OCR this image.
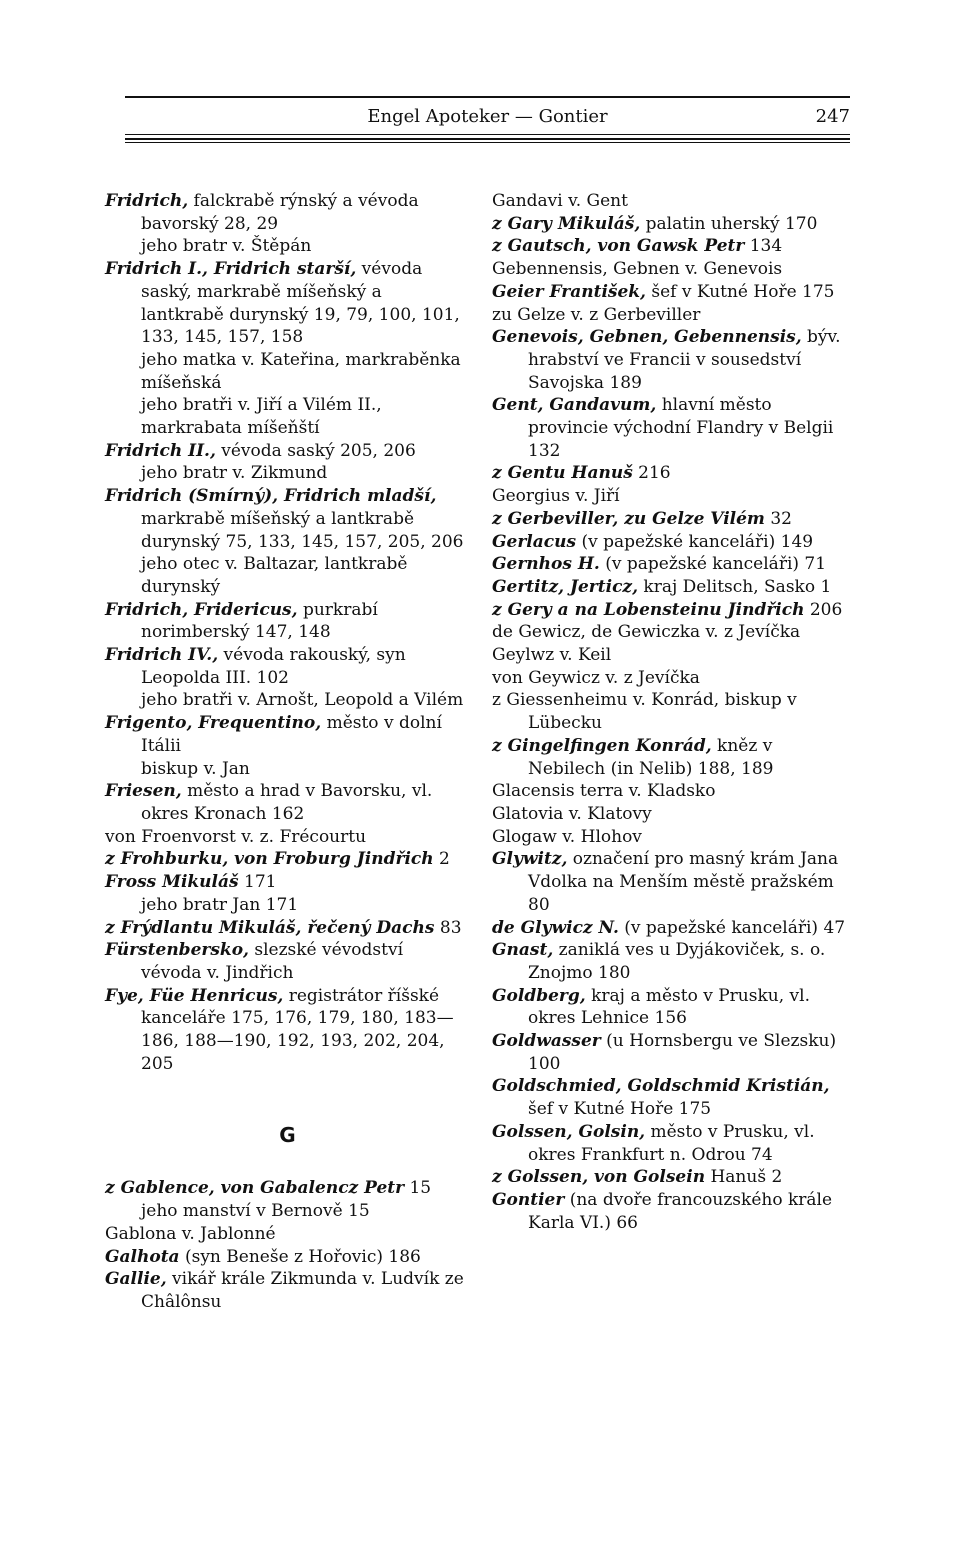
Engel Apoteker — Gontier	247

Fridrich, falckrabě rýnský a vévoda bavorský 28, 29

jeho bratr v. Štěpán

Fridrich I., Fridrich starší, vévoda saský, markrabě míšeňský a lantkrabě durynský 19, 79, 100, 101, 133, 145, 157, 158

jeho matka v. Kateřina, markraběnka míšeňská

jeho bratři v. Jiří a Vilém II., markrabata míšeňští

Fridrich II., vévoda saský 205, 206

jeho bratr v. Zikmund

Fridrich (Smírný), Fridrich mladší, markrabě míšeňský a lantkrabě durynský 75, 133, 145, 157, 205, 206

jeho otec v. Baltazar, lantkrabě durynský

Fridrich, Fridericus, purkrabí norimberský 147, 148

Fridrich IV., vévoda rakouský, syn Leopolda III. 102

jeho bratři v. Arnošt, Leopold a Vilém

Frigento, Frequentino, město v dolní Itálii

biskup v. Jan

Friesen, město a hrad v Bavorsku, vl. okres Kronach 162

von Froenvorst v. z. Frécourtu

z Frohburku, von Froburg Jindřich 2

Fross Mikuláš 171

jeho bratr Jan 171

z Frýdlantu Mikuláš, řečený Dachs 83

Fürstenbersko, slezské vévodství

vévoda v. Jindřich

Fye, Füe Henricus, registrátor říšské kanceláře 175, 176, 179, 180, 183—186, 188—190, 192, 193, 202, 204, 205

G

z Gablence, von Gabalencz Petr 15

jeho manství v Bernově 15

Gablona v. Jablonné

Galhota (syn Beneše z Hořovic) 186

Gallie, vikář krále Zikmunda v. Ludvík ze Châlônsu

Gandavi v. Gent

z Gary Mikuláš, palatin uherský 170

z Gautsch, von Gawsk Petr 134

Gebennensis, Gebnen v. Genevois

Geier František, šef v Kutné Hoře 175

zu Gelze v. z Gerbeviller

Genevois, Gebnen, Gebennensis, býv. hrabství ve Francii v sousedství Savojska 189

Gent, Gandavum, hlavní město provincie východní Flandry v Belgii 132

z Gentu Hanuš 216

Georgius v. Jiří

z Gerbeviller, zu Gelze Vilém 32

Gerlacus (v papežské kanceláři) 149

Gernhos H. (v papežské kanceláři) 71

Gertitz, Jerticz, kraj Delitsch, Sasko 1

z Gery a na Lobensteinu Jindřich 206

de Gewicz, de Gewiczka v. z Jevíčka

Geylwz v. Keil

von Geywicz v. z Jevíčka

z Giessenheimu v. Konrád, biskup v Lübecku

z Gingelfingen Konrád, kněz v Nebilech (in Nelib) 188, 189

Glacensis terra v. Kladsko

Glatovia v. Klatovy

Glogaw v. Hlohov

Glywitz, označení pro masný krám Jana Vdolka na Menším městě pražském 80

de Glywicz N. (v papežské kanceláři) 47

Gnast, zaniklá ves u Dyjákoviček, s. o. Znojmo 180

Goldberg, kraj a město v Prusku, vl. okres Lehnice 156

Goldwasser (u Hornsbergu ve Slezsku) 100

Goldschmied, Goldschmid Kristián, šef v Kutné Hoře 175

Golssen, Golsin, město v Prusku, vl. okres Frankfurt n. Odrou 74

z Golssen, von Golsein Hanuš 2

Gontier (na dvoře francouzského krále Karla VI.) 66
